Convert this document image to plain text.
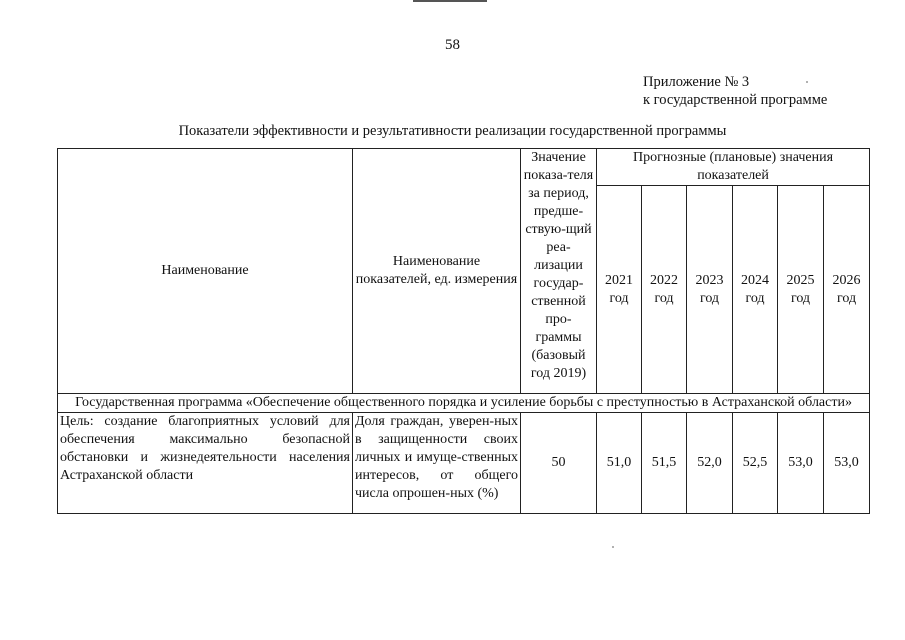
58
Приложение № 3
к государственной программе
Показатели эффективности и результативности реализации государственной программы
Наименование	Наименование показателей, ед. измерения	Значение показа-теля за период, предше-ствую-щий реа-лизации государ-ственной про-граммы (базовый год 2019)	Прогнозные (плановые) значения показателей					
			2021 год	2022 год	2023 год	2024 год	2025 год	2026 год
Государственная программа «Обеспечение общественного порядка и усиление борьбы с преступностью в Астраханской области»								
Цель: создание благоприятных условий для обеспечения максимально безопасной обстановки и жизнедеятельности населения Астраханской области	Доля граждан, уверен-ных в защищенности своих личных и имуще-ственных интересов, от общего числа опрошен-ных (%)	50	51,0	51,5	52,0	52,5	53,0	53,0
